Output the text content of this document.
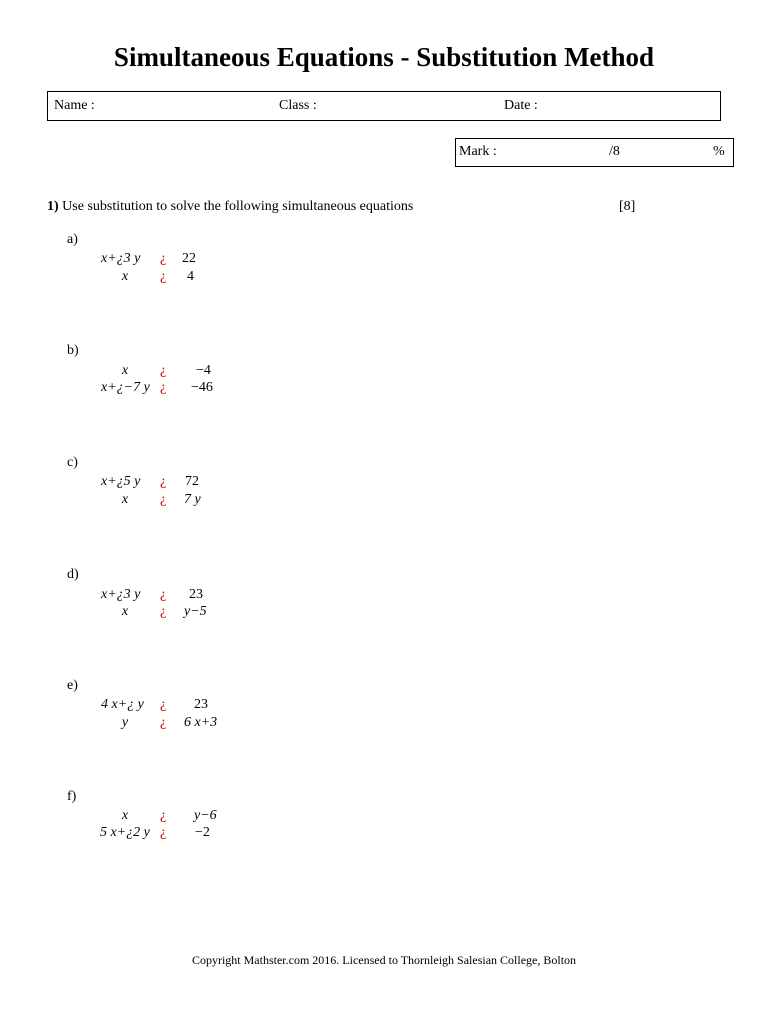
Simultaneous Equations - Substitution Method
Name :	Class :	Date :
Mark :	/8	%
1) Use substitution to solve the following simultaneous equations	[8]
a)
x+¿3 y ¿ 22
x	¿ 4
b)
x	¿ −4
x+¿−7 y ¿ −46
c)
x+¿5 y ¿ 72
x	¿ 7 y
d)
x+¿3 y ¿ 23
x	¿ y−5
e)
4 x+¿ y ¿ 23
y	¿ 6 x+3
f)
x	¿ y−6
5 x+¿2 y ¿ −2
Copyright Mathster.com 2016. Licensed to Thornleigh Salesian College, Bolton
